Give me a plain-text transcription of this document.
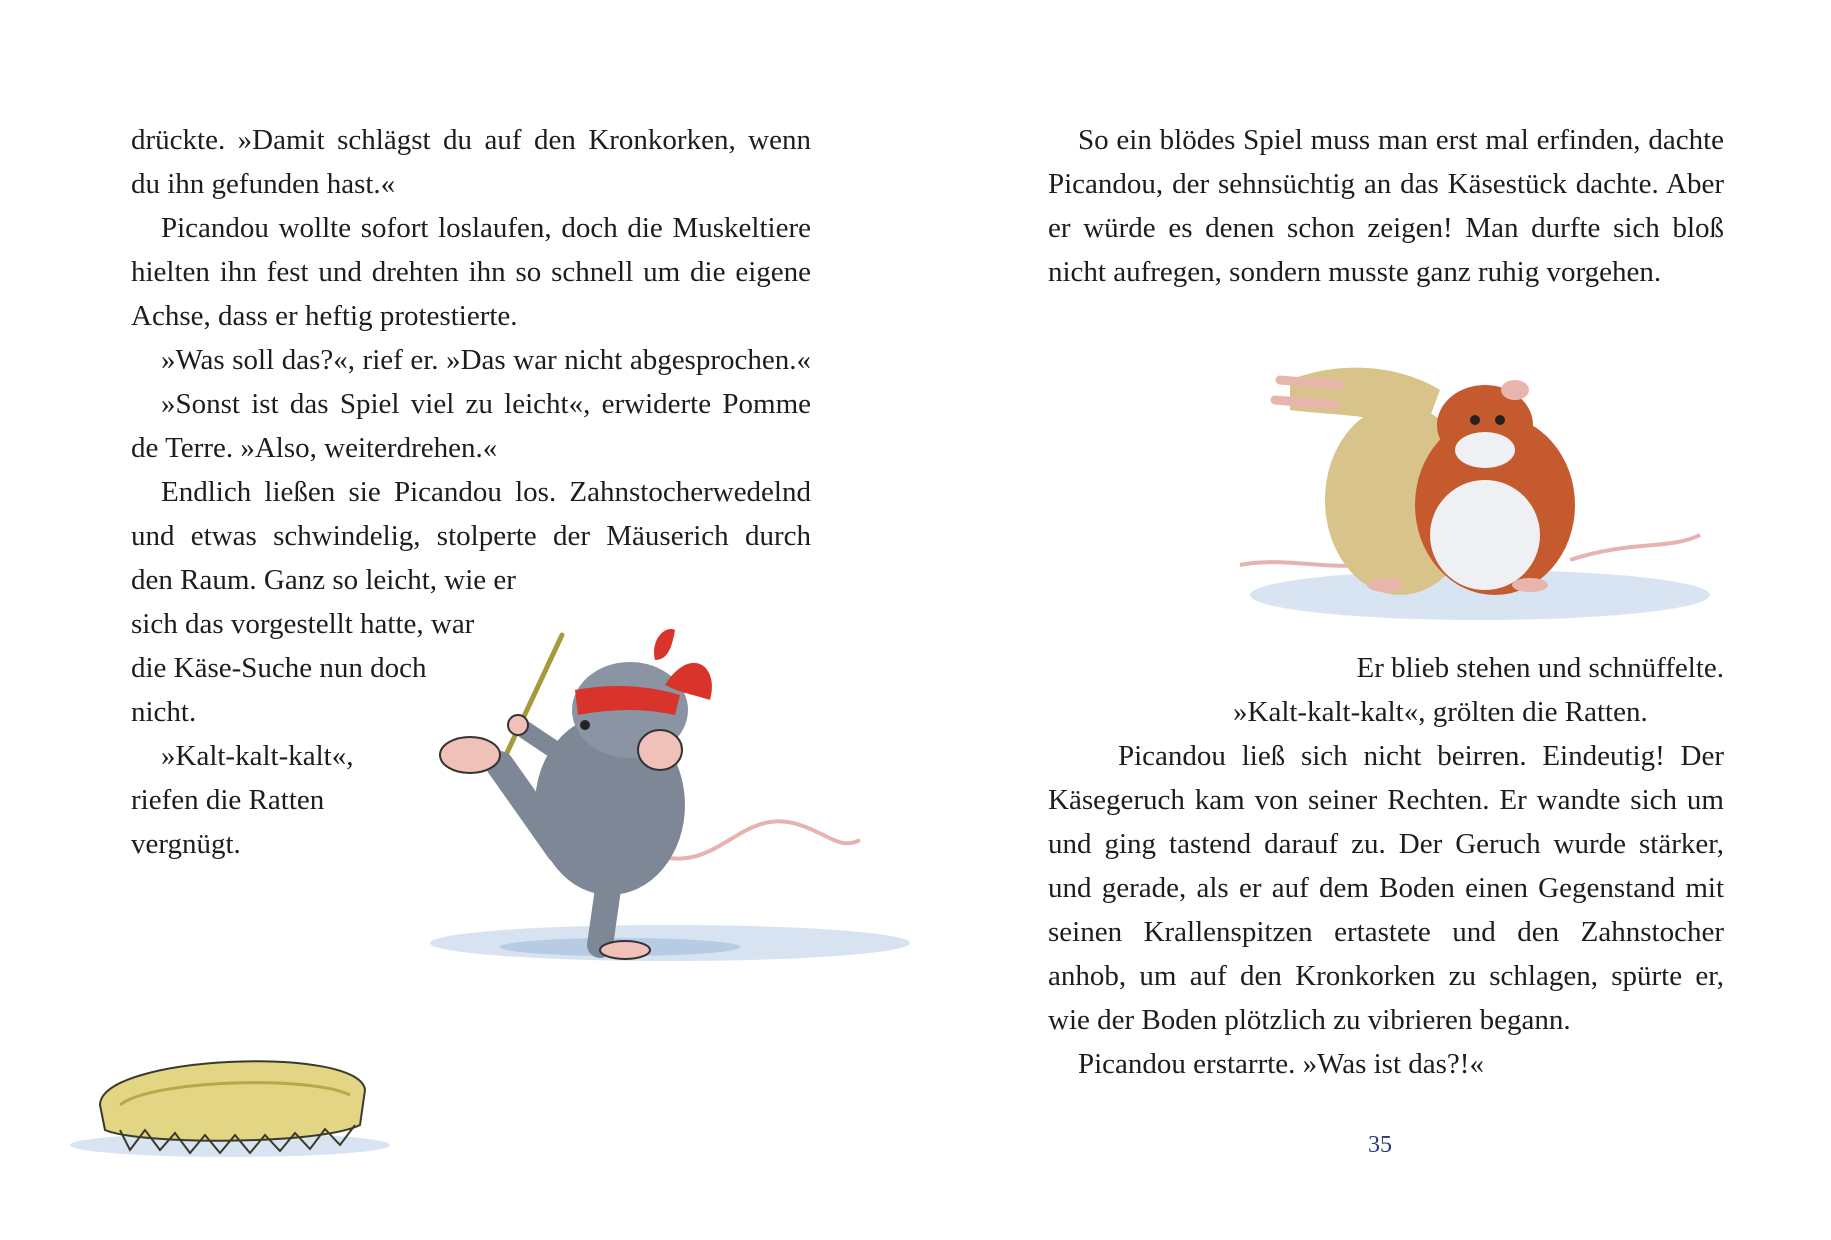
drückte. »Damit schlägst du auf den Kronkorken, wenn
du ihn gefunden hast.«
Picandou wollte sofort loslaufen, doch die Muskeltiere
hielten ihn fest und drehten ihn so schnell um die eigene
Achse, dass er heftig protestierte.
»Was soll das?«, rief er. »Das war nicht abgesprochen.«
»Sonst ist das Spiel viel zu leicht«, erwiderte Pomme
de Terre. »Also, weiterdrehen.«
Endlich ließen sie Picandou los. Zahnstocherwedelnd
und etwas schwindelig, stolperte der Mäuserich durch
den Raum. Ganz so leicht, wie er
sich das vorgestellt hatte, war
die Käse-Suche nun doch
nicht.
»Kalt-kalt-kalt«,
riefen die Ratten
vergnügt.
So ein blödes Spiel muss man erst mal erfinden, dachte
Picandou, der sehnsüchtig an das Käsestück dachte. Aber
er würde es denen schon zeigen! Man durfte sich bloß
nicht aufregen, sondern musste ganz ruhig vorgehen.
Er blieb stehen und schnüffelte.
»Kalt-kalt-kalt«, grölten die Ratten.
Picandou ließ sich nicht beirren. Eindeutig! Der
Käsegeruch kam von seiner Rechten. Er wandte sich um
und ging tastend darauf zu. Der Geruch wurde stärker,
und gerade, als er auf dem Boden einen Gegenstand mit
seinen Krallenspitzen ertastete und den Zahnstocher
anhob, um auf den Kronkorken zu schlagen, spürte er,
wie der Boden plötzlich zu vibrieren begann.
Picandou erstarrte. »Was ist das?!«
35
